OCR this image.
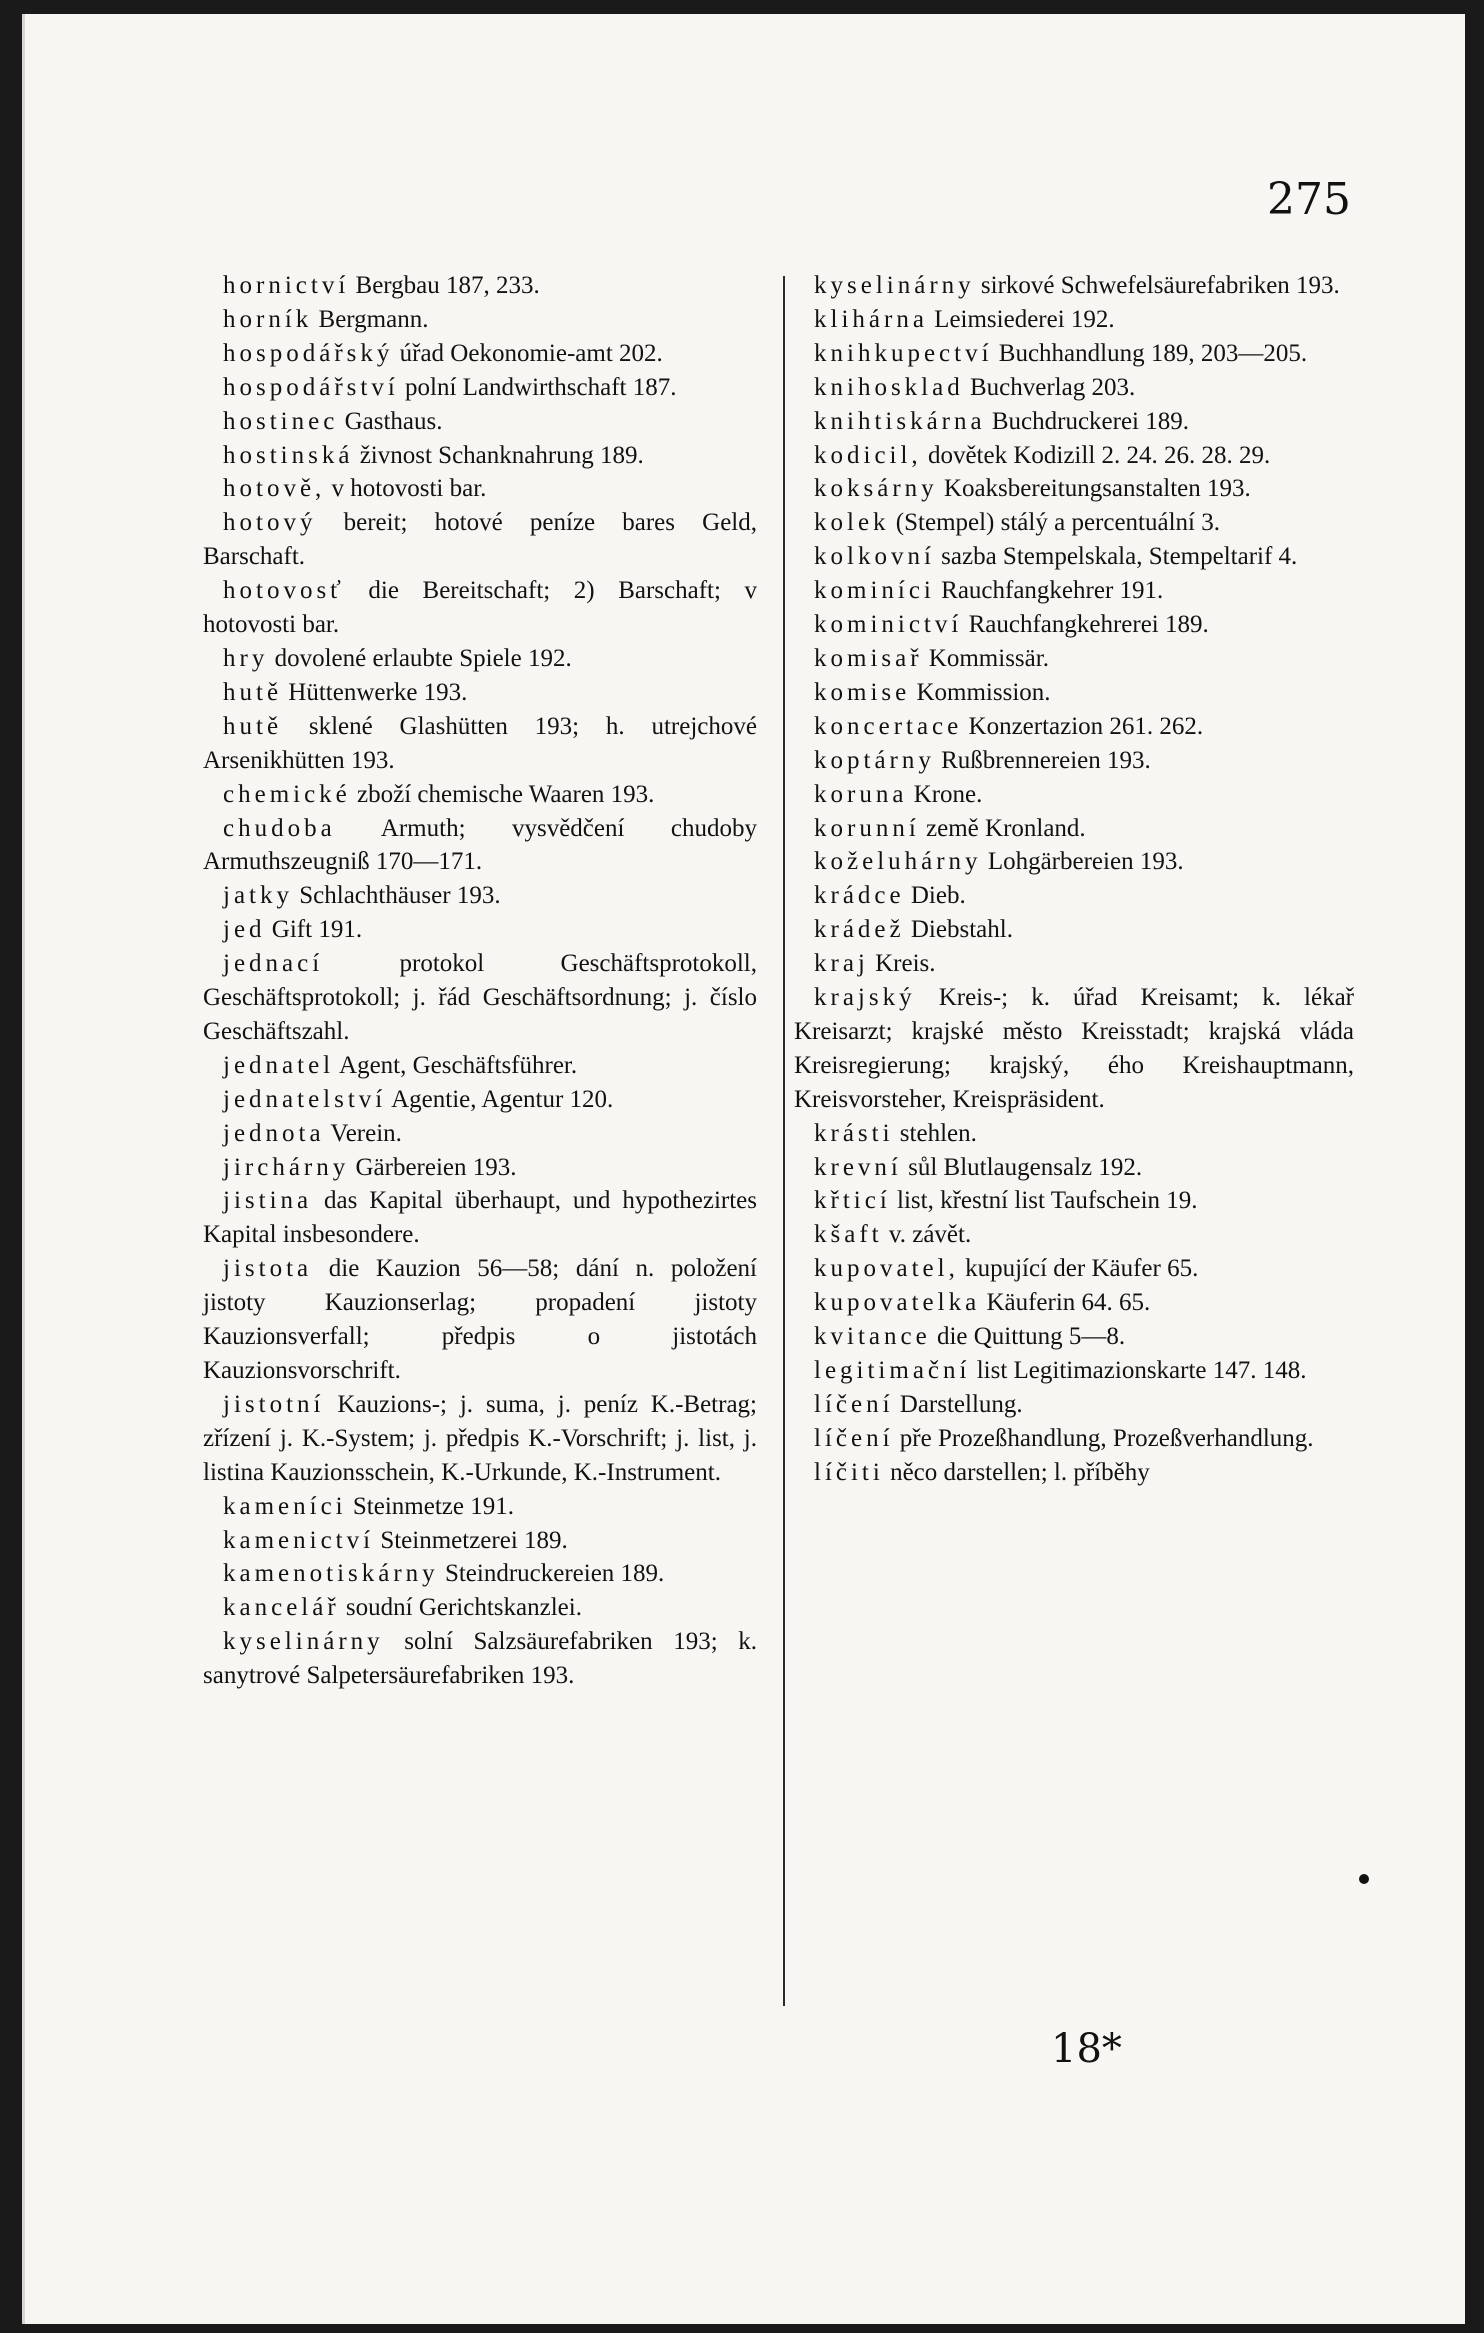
275

hornictví Bergbau 187, 233.

horník Bergmann.

hospodářský úřad Oekonomie-amt 202.

hospodářství polní Landwirthschaft 187.

hostinec Gasthaus.

hostinská živnost Schanknahrung 189.

hotově, v hotovosti bar.

hotový bereit; hotové peníze bares Geld, Barschaft.

hotovosť die Bereitschaft; 2) Barschaft; v hotovosti bar.

hry dovolené erlaubte Spiele 192.

hutě Hüttenwerke 193.

hutě sklené Glashütten 193; h. utrejchové Arsenikhütten 193.

chemické zboží chemische Waaren 193.

chudoba Armuth; vysvědčení chudoby Armuthszeugniß 170—171.

jatky Schlachthäuser 193.

jed Gift 191.

jednací	protokol Geschäftsprotokoll, Geschäftsprotokoll; j. řád Geschäftsordnung; j. číslo Geschäftszahl.

jednatel Agent, Geschäftsführer.

jednatelství Agentie, Agentur 120.

jednota Verein.

jirchárny Gärbereien 193.

jistina das Kapital überhaupt, und hypothezirtes Kapital insbesondere.

jistota die Kauzion 56—58; dání n. položení jistoty Kauzionserlag; propadení jistoty Kauzionsverfall; předpis o jistotách Kauzionsvorschrift.

jistotní Kauzions-; j. suma, j. peníz K.-Betrag; zřízení j. K.-System; j. předpis K.-Vorschrift; j. list, j. listina Kauzionsschein, K.-Urkunde, K.-Instrument.

kameníci Steinmetze 191.

kamenictví Steinmetzerei 189.

kamenotiskárny Steindruckereien 189.

kancelář soudní Gerichtskanzlei.

kyselinárny solní Salzsäurefabriken 193; k. sanytrové Salpetersäurefabriken 193.

kyselinárny sirkové Schwefelsäurefabriken 193.

klihárna Leimsiederei 192.

knihkupectví Buchhandlung 189, 203—205.

knihosklad Buchverlag 203.

knihtiskárna Buchdruckerei 189.

kodicil, dovětek Kodizill 2. 24. 26. 28. 29.

koksárny Koaksbereitungsanstalten 193.

kolek (Stempel) stálý a percentuální 3.

kolkovní sazba Stempelskala, Stempeltarif 4.

kominíci Rauchfangkehrer 191.

kominictví Rauchfangkehrerei 189.

komisař Kommissär.

komise Kommission.

koncertace Konzertazion 261. 262.

koptárny Rußbrennereien 193.

koruna Krone.

korunní země Kronland.

koželuhárny Lohgärbereien 193.

krádce Dieb.

krádež Diebstahl.

kraj Kreis.

krajský Kreis-; k. úřad Kreisamt; k. lékař Kreisarzt; krajské město Kreisstadt; krajská vláda Kreisregierung; krajský, ého Kreishauptmann, Kreisvorsteher, Kreispräsident.

krásti stehlen.

krevní sůl Blutlaugensalz 192.

křticí list, křestní list Taufschein 19.

kšaft v. závět.

kupovatel, kupující der Käufer 65.

kupovatelka Käuferin 64. 65.

kvitance die Quittung 5—8.

legitimační list Legitimazionskarte 147. 148.

líčení Darstellung.

líčení pře Prozeßhandlung, Prozeßverhandlung.

líčiti něco darstellen; l. příběhy

18*
